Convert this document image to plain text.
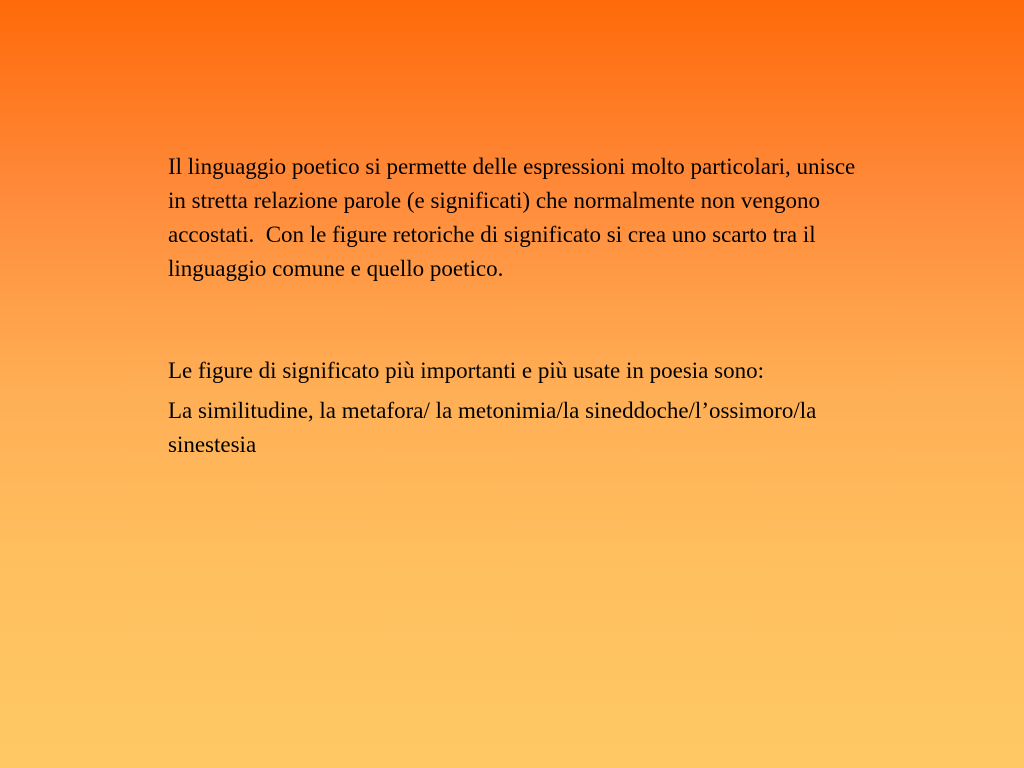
Il linguaggio poetico si permette delle espressioni molto particolari, unisce in stretta relazione parole (e significati) che normalmente non vengono accostati.  Con le figure retoriche di significato si crea uno scarto tra il linguaggio comune e quello poetico.

Le figure di significato più importanti e più usate in poesia sono:

La similitudine, la metafora/ la metonimia/la sineddoche/l’ossimoro/la sinestesia
